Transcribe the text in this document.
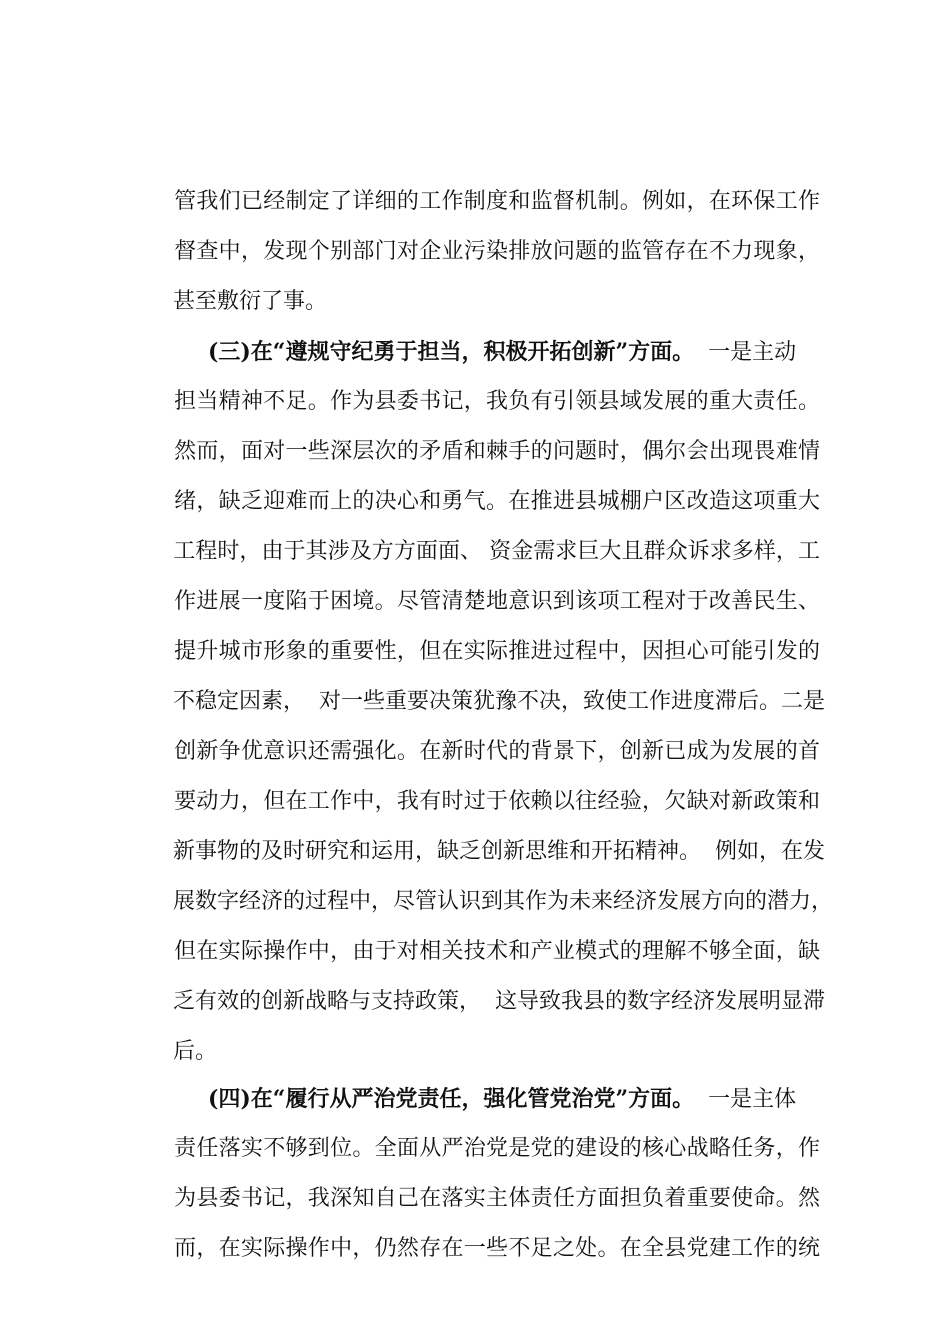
管我们已经制定了详细的工作制度和监督机制。例如，在环保工作

督查中，发现个别部门对企业污染排放问题的监管存在不力现象，

甚至敷衍了事。

(三)在“遵规守纪勇于担当，积极开拓创新”方面。  一是主动

担当精神不足。作为县委书记，我负有引领县域发展的重大责任。

然而，面对一些深层次的矛盾和棘手的问题时，偶尔会出现畏难情

绪，缺乏迎难而上的决心和勇气。在推进县城棚户区改造这项重大

工程时，由于其涉及方方面面、 资金需求巨大且群众诉求多样，工

作进展一度陷于困境。尽管清楚地意识到该项工程对于改善民生、

提升城市形象的重要性，但在实际推进过程中，因担心可能引发的

不稳定因素，  对一些重要决策犹豫不决，致使工作进度滞后。二是

创新争优意识还需强化。在新时代的背景下，创新已成为发展的首

要动力，但在工作中，我有时过于依赖以往经验，欠缺对新政策和

新事物的及时研究和运用，缺乏创新思维和开拓精神。  例如，在发

展数字经济的过程中，尽管认识到其作为未来经济发展方向的潜力，

但在实际操作中，由于对相关技术和产业模式的理解不够全面，缺

乏有效的创新战略与支持政策，  这导致我县的数字经济发展明显滞

后。

(四)在“履行从严治党责任，强化管党治党”方面。  一是主体

责任落实不够到位。全面从严治党是党的建设的核心战略任务，作

为县委书记，我深知自己在落实主体责任方面担负着重要使命。然

而，在实际操作中，仍然存在一些不足之处。在全县党建工作的统
